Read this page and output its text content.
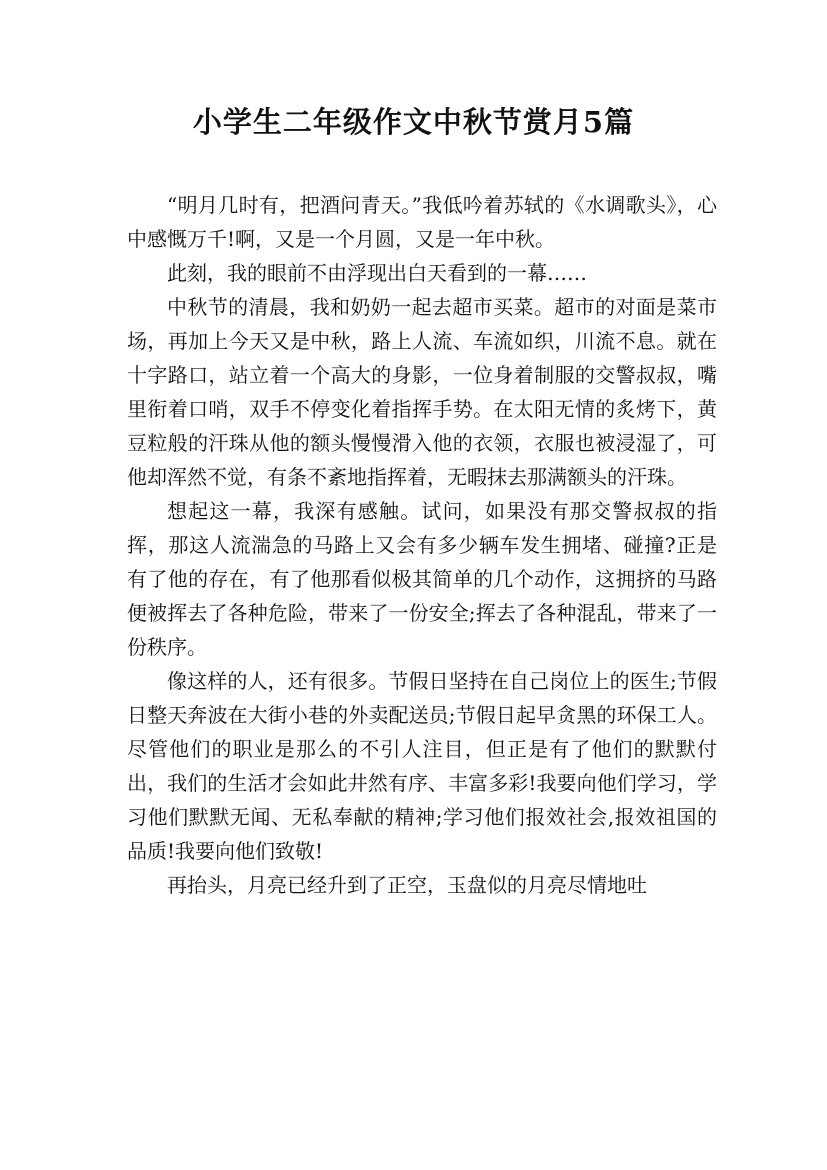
小学生二年级作文中秋节赏月5篇

“明月几时有，把酒问青天。”我低吟着苏轼的《水调歌头》，心中感慨万千!啊，又是一个月圆，又是一年中秋。

此刻，我的眼前不由浮现出白天看到的一幕……

中秋节的清晨，我和奶奶一起去超市买菜。超市的对面是菜市场，再加上今天又是中秋，路上人流、车流如织，川流不息。就在十字路口，站立着一个高大的身影，一位身着制服的交警叔叔，嘴里衔着口哨，双手不停变化着指挥手势。在太阳无情的炙烤下，黄豆粒般的汗珠从他的额头慢慢滑入他的衣领，衣服也被浸湿了，可他却浑然不觉，有条不紊地指挥着，无暇抹去那满额头的汗珠。

想起这一幕，我深有感触。试问，如果没有那交警叔叔的指挥，那这人流湍急的马路上又会有多少辆车发生拥堵、碰撞?正是有了他的存在，有了他那看似极其简单的几个动作，这拥挤的马路便被挥去了各种危险，带来了一份安全;挥去了各种混乱，带来了一份秩序。

像这样的人，还有很多。节假日坚持在自己岗位上的医生;节假日整天奔波在大街小巷的外卖配送员;节假日起早贪黑的环保工人。尽管他们的职业是那么的不引人注目，但正是有了他们的默默付出，我们的生活才会如此井然有序、丰富多彩!我要向他们学习，学习他们默默无闻、无私奉献的精神;学习他们报效社会,报效祖国的品质!我要向他们致敬!

再抬头，月亮已经升到了正空，玉盘似的月亮尽情地吐
